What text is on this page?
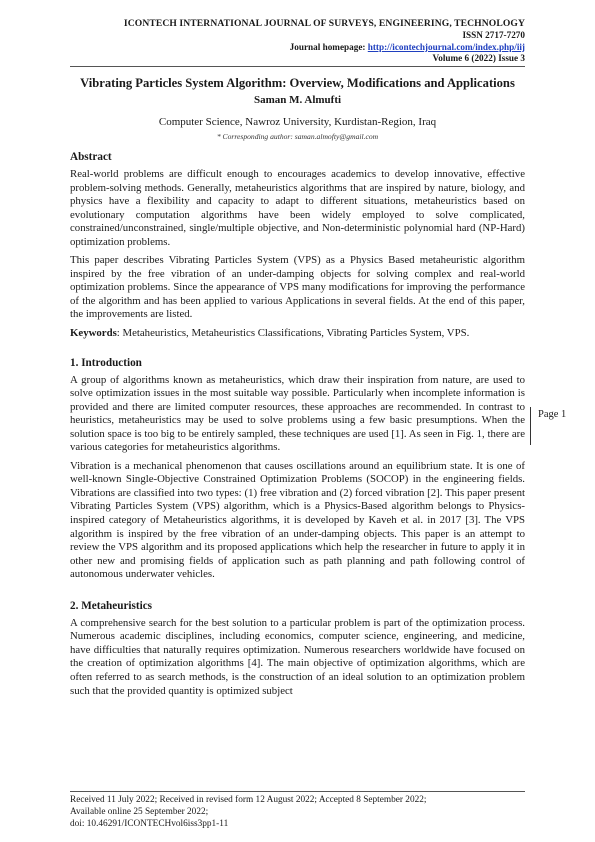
ICONTECH INTERNATIONAL JOURNAL OF SURVEYS, ENGINEERING, TECHNOLOGY
ISSN 2717-7270
Journal homepage: http://icontechjournal.com/index.php/iij
Volume 6 (2022) Issue 3
Vibrating Particles System Algorithm: Overview, Modifications and Applications
Saman M. Almufti
Computer Science, Nawroz University, Kurdistan-Region, Iraq
* Corresponding author: saman.almofty@gmail.com
Abstract

Real-world problems are difficult enough to encourages academics to develop innovative, effective problem-solving methods. Generally, metaheuristics algorithms that are inspired by nature, biology, and physics have a flexibility and capacity to adapt to different situations, metaheuristics based on evolutionary computation algorithms have been widely employed to solve complicated, constrained/unconstrained, single/multiple objective, and Non-deterministic polynomial hard (NP-Hard) optimization problems.

This paper describes Vibrating Particles System (VPS) as a Physics Based metaheuristic algorithm inspired by the free vibration of an under-damping objects for solving complex and real-world optimization problems. Since the appearance of VPS many modifications for improving the performance of the algorithm and has been applied to various Applications in several fields. At the end of this paper, the improvements are listed.

Keywords: Metaheuristics, Metaheuristics Classifications, Vibrating Particles System, VPS.

1. Introduction

A group of algorithms known as metaheuristics, which draw their inspiration from nature, are used to solve optimization issues in the most suitable way possible. Particularly when incomplete information is provided and there are limited computer resources, these approaches are recommended. In contrast to heuristics, metaheuristics may be used to solve problems using a few basic presumptions. When the solution space is too big to be entirely sampled, these techniques are used [1]. As seen in Fig. 1, there are various categories for metaheuristics algorithms.

Vibration is a mechanical phenomenon that causes oscillations around an equilibrium state. It is one of well-known Single-Objective Constrained Optimization Problems (SOCOP) in the engineering fields. Vibrations are classified into two types: (1) free vibration and (2) forced vibration [2]. This paper present Vibrating Particles System (VPS) algorithm, which is a Physics-Based algorithm belongs to Physics-inspired category of Metaheuristics algorithms, it is developed by Kaveh et al. in 2017 [3]. The VPS algorithm is inspired by the free vibration of an under-damping objects. This paper is an attempt to review the VPS algorithm and its proposed applications which help the researcher in future to apply it in other new and promising fields of application such as path planning and path following control of autonomous underwater vehicles.

2. Metaheuristics

A comprehensive search for the best solution to a particular problem is part of the optimization process. Numerous academic disciplines, including economics, computer science, engineering, and medicine, have difficulties that naturally requires optimization. Numerous researchers worldwide have focused on the creation of optimization algorithms [4]. The main objective of optimization algorithms, which are often referred to as search methods, is the construction of an ideal solution to an optimization problem such that the provided quantity is optimized subject

Page 1
Received 11 July 2022; Received in revised form 12 August 2022; Accepted 8 September 2022;
Available online 25 September 2022;
doi: 10.46291/ICONTECHvol6iss3pp1-11
